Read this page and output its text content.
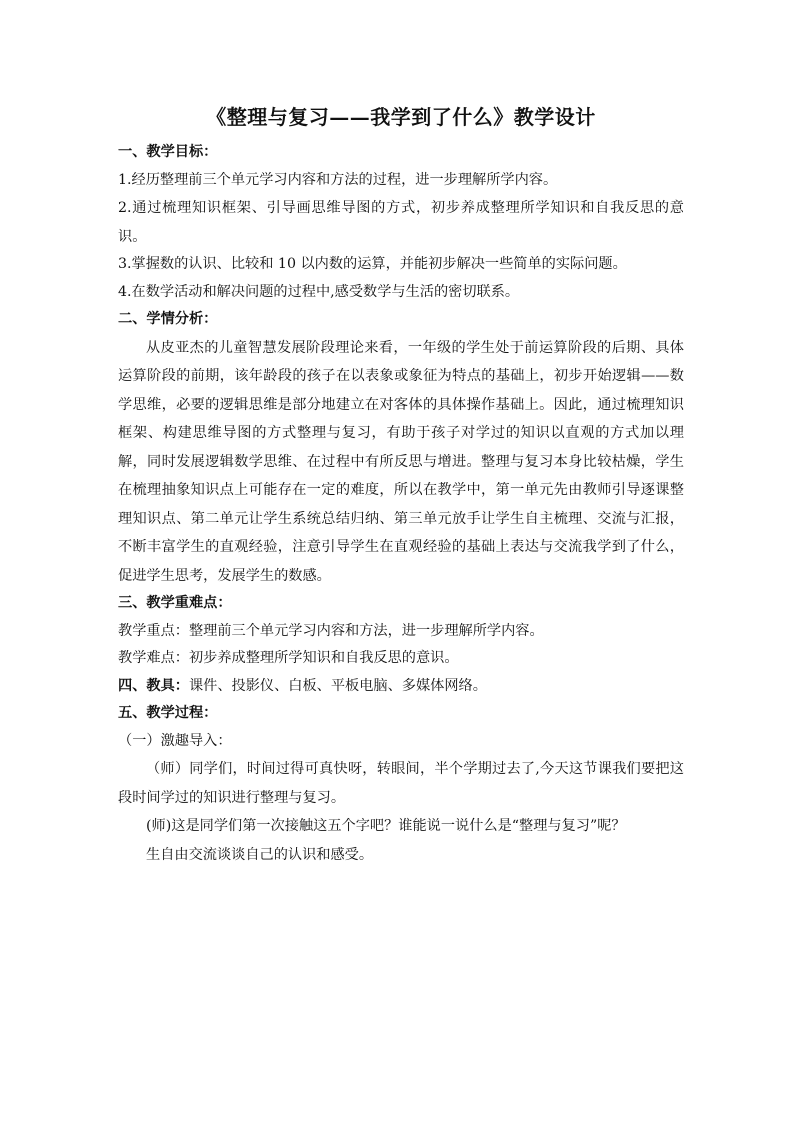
《整理与复习——我学到了什么》教学设计

一、教学目标：

1.经历整理前三个单元学习内容和方法的过程，进一步理解所学内容。

2.通过梳理知识框架、引导画思维导图的方式，初步养成整理所学知识和自我反思的意识。

3.掌握数的认识、比较和 10 以内数的运算，并能初步解决一些简单的实际问题。

4.在数学活动和解决问题的过程中,感受数学与生活的密切联系。

二、学情分析：

从皮亚杰的儿童智慧发展阶段理论来看，一年级的学生处于前运算阶段的后期、具体运算阶段的前期，该年龄段的孩子在以表象或象征为特点的基础上，初步开始逻辑——数学思维，必要的逻辑思维是部分地建立在对客体的具体操作基础上。因此，通过梳理知识框架、构建思维导图的方式整理与复习，有助于孩子对学过的知识以直观的方式加以理解，同时发展逻辑数学思维、在过程中有所反思与增进。整理与复习本身比较枯燥，学生在梳理抽象知识点上可能存在一定的难度，所以在教学中，第一单元先由教师引导逐课整理知识点、第二单元让学生系统总结归纳、第三单元放手让学生自主梳理、交流与汇报，不断丰富学生的直观经验，注意引导学生在直观经验的基础上表达与交流我学到了什么，促进学生思考，发展学生的数感。

三、教学重难点：

教学重点：整理前三个单元学习内容和方法，进一步理解所学内容。

教学难点：初步养成整理所学知识和自我反思的意识。

四、教具：课件、投影仪、白板、平板电脑、多媒体网络。

五、教学过程：

（一）激趣导入：

（师）同学们，时间过得可真快呀，转眼间，半个学期过去了,今天这节课我们要把这段时间学过的知识进行整理与复习。

(师)这是同学们第一次接触这五个字吧？谁能说一说什么是“整理与复习”呢？

生自由交流谈谈自己的认识和感受。
